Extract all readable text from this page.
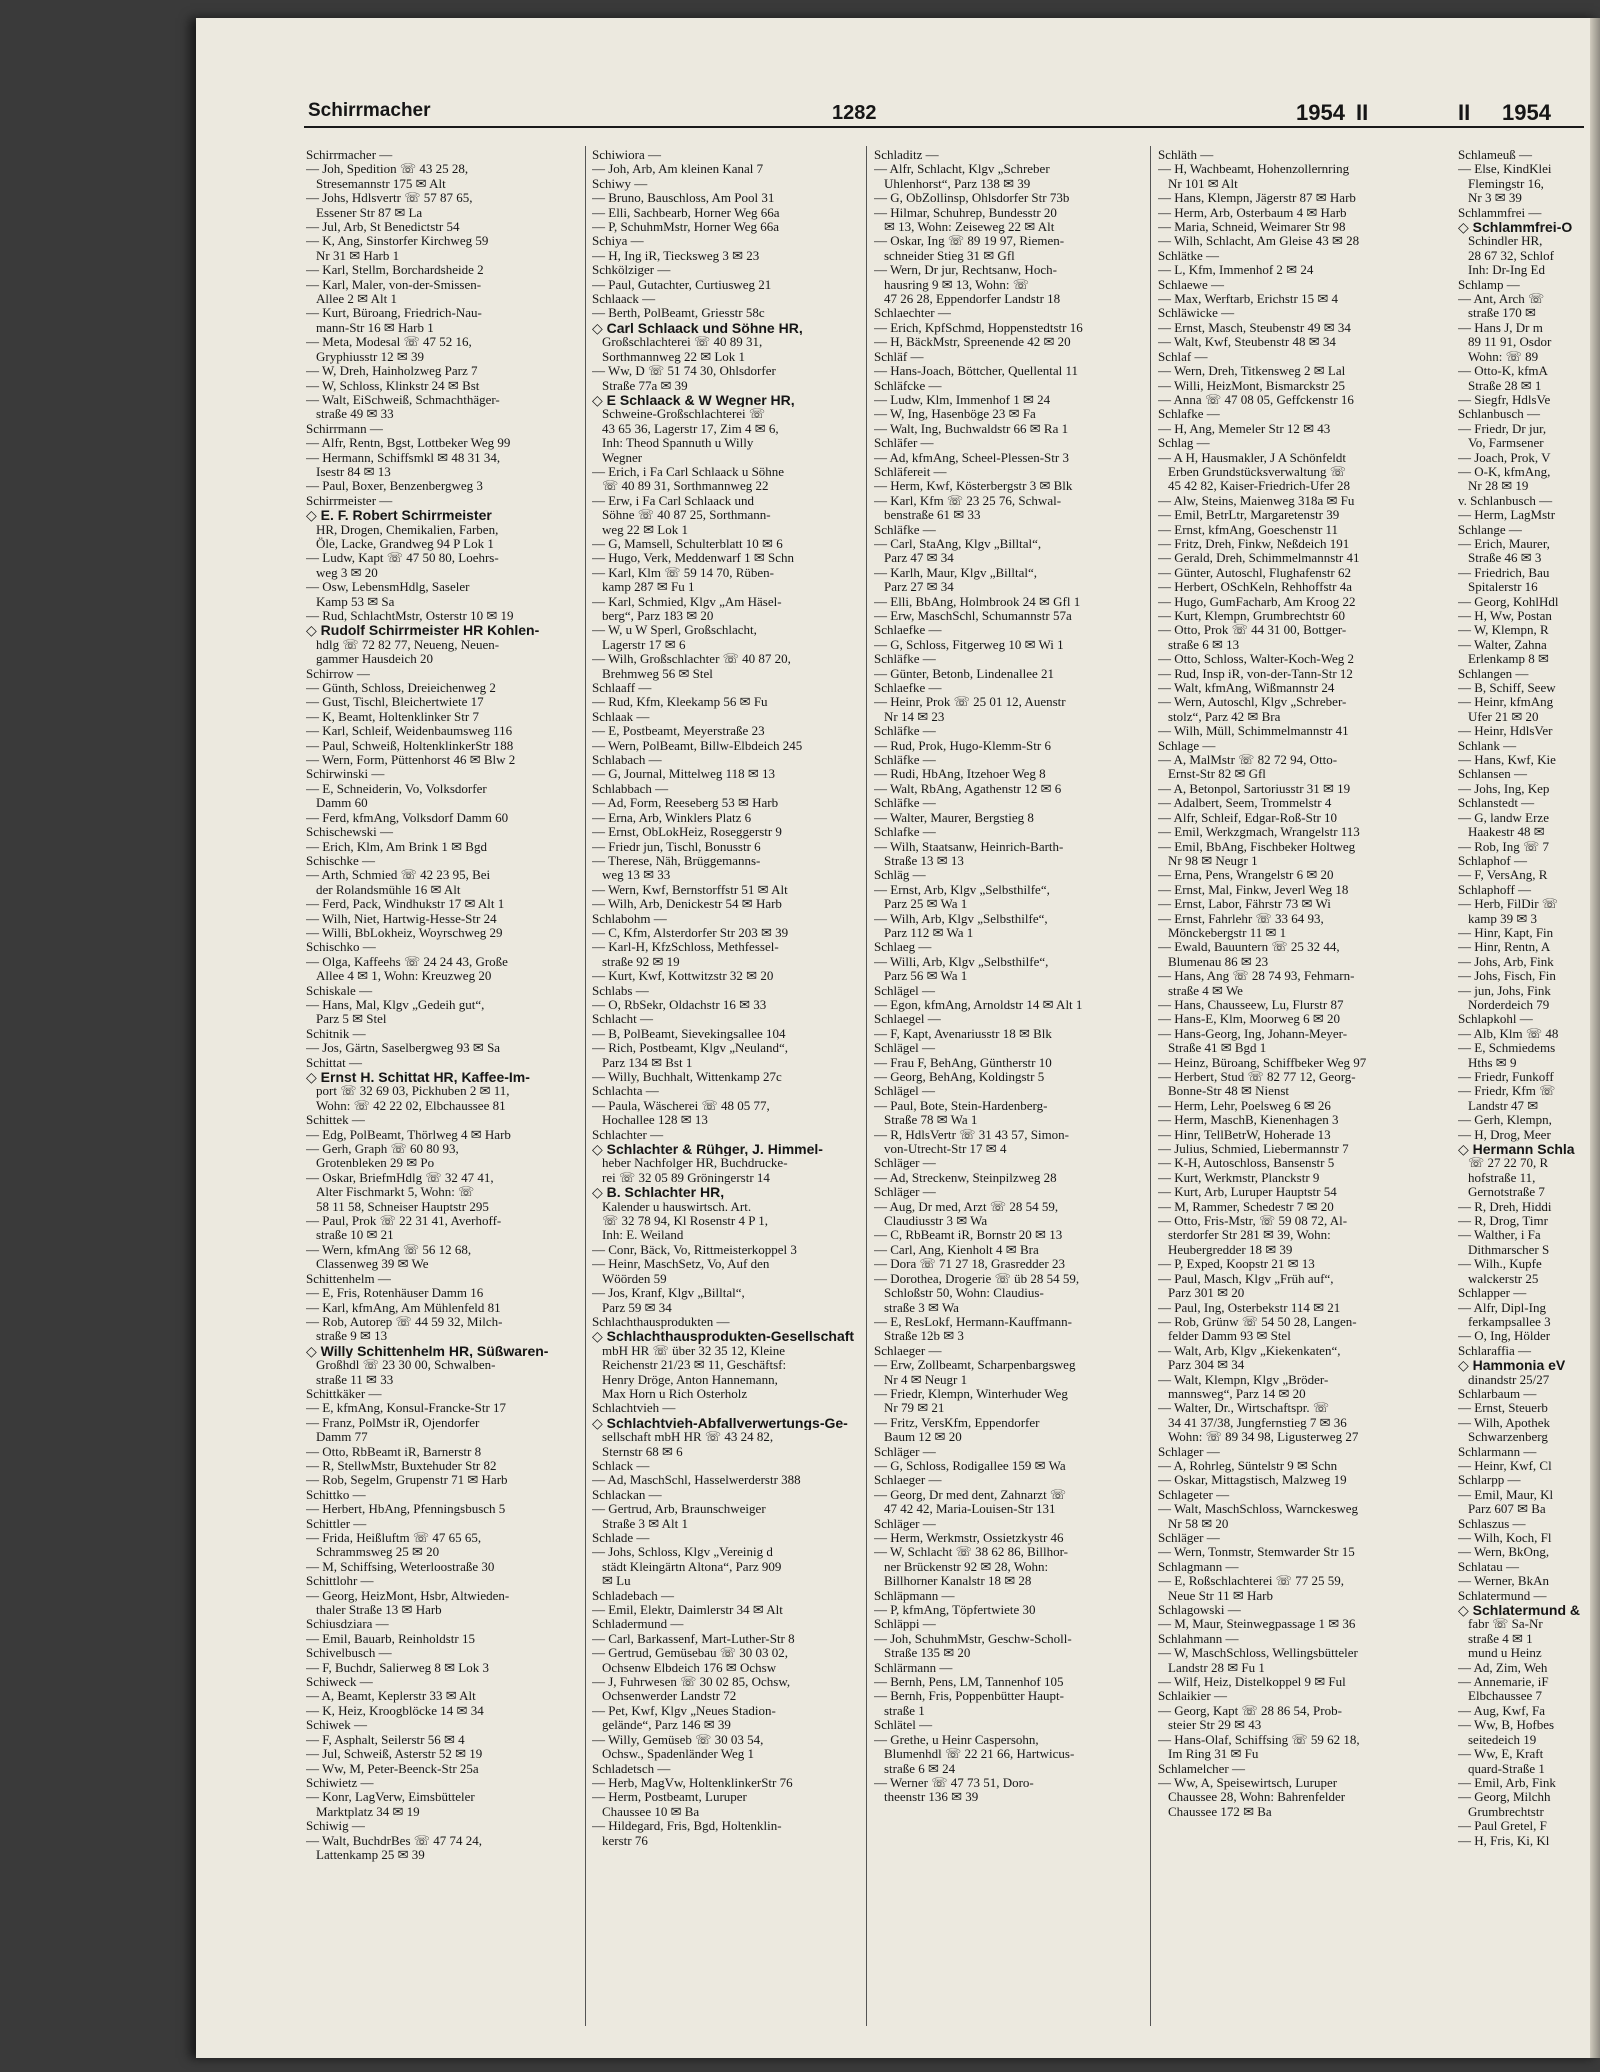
Schirrmacher	1282	1954 II	II 1954
Schirrmacher —
— Joh, Spedition ☏ 43 25 28,
Stresemannstr 175 ✉ Alt
— Johs, Hdlsvertr ☏ 57 87 65,
Essener Str 87 ✉ La
— Jul, Arb, St Benedictstr 54
— K, Ang, Sinstorfer Kirchweg 59
Nr 31 ✉ Harb 1
— Karl, Stellm, Borchardsheide 2
— Karl, Maler, von-der-Smissen-
Allee 2 ✉ Alt 1
— Kurt, Büroang, Friedrich-Nau-
mann-Str 16 ✉ Harb 1
— Meta, Modesal ☏ 47 52 16,
Gryphiusstr 12 ✉ 39
— W, Dreh, Hainholzweg Parz 7
— W, Schloss, Klinkstr 24 ✉ Bst
— Walt, EiSchweiß, Schmachthäger-
straße 49 ✉ 33
Schirrmann —
— Alfr, Rentn, Bgst, Lottbeker Weg 99
— Hermann, Schiffsmkl ✉ 48 31 34,
Isestr 84 ✉ 13
— Paul, Boxer, Benzenbergweg 3
Schirrmeister —
◇ E. F. Robert Schirrmeister
HR, Drogen, Chemikalien, Farben,
Öle, Lacke, Grandweg 94 P Lok 1
— Ludw, Kapt ☏ 47 50 80, Loehrs-
weg 3 ✉ 20
— Osw, LebensmHdlg, Saseler
Kamp 53 ✉ Sa
— Rud, SchlachtMstr, Osterstr 10 ✉ 19
◇ Rudolf Schirrmeister HR Kohlen-
hdlg ☏ 72 82 77, Neueng, Neuen-
gammer Hausdeich 20
Schirrow —
— Günth, Schloss, Dreieichenweg 2
— Gust, Tischl, Bleichertwiete 17
— K, Beamt, Holtenklinker Str 7
— Karl, Schleif, Weidenbaumsweg 116
— Paul, Schweiß, HoltenklinkerStr 188
— Wern, Form, Püttenhorst 46 ✉ Blw 2
Schirwinski —
— E, Schneiderin, Vo, Volksdorfer
Damm 60
— Ferd, kfmAng, Volksdorf Damm 60
Schischewski —
— Erich, Klm, Am Brink 1 ✉ Bgd
Schischke —
— Arth, Schmied ☏ 42 23 95, Bei
der Rolandsmühle 16 ✉ Alt
— Ferd, Pack, Windhukstr 17 ✉ Alt 1
— Wilh, Niet, Hartwig-Hesse-Str 24
— Willi, BbLokheiz, Woyrschweg 29
Schischko —
— Olga, Kaffeehs ☏ 24 24 43, Große
Allee 4 ✉ 1, Wohn: Kreuzweg 20
Schiskale —
— Hans, Mal, Klgv „Gedeih gut“,
Parz 5 ✉ Stel
Schitnik —
— Jos, Gärtn, Saselbergweg 93 ✉ Sa
Schittat —
◇ Ernst H. Schittat HR, Kaffee-Im-
port ☏ 32 69 03, Pickhuben 2 ✉ 11,
Wohn: ☏ 42 22 02, Elbchaussee 81
Schittek —
— Edg, PolBeamt, Thörlweg 4 ✉ Harb
— Gerh, Graph ☏ 60 80 93,
Grotenbleken 29 ✉ Po
— Oskar, BriefmHdlg ☏ 32 47 41,
Alter Fischmarkt 5, Wohn: ☏
58 11 58, Schneiser Hauptstr 295
— Paul, Prok ☏ 22 31 41, Averhoff-
straße 10 ✉ 21
— Wern, kfmAng ☏ 56 12 68,
Classenweg 39 ✉ We
Schittenhelm —
— E, Fris, Rotenhäuser Damm 16
— Karl, kfmAng, Am Mühlenfeld 81
— Rob, Autorep ☏ 44 59 32, Milch-
straße 9 ✉ 13
◇ Willy Schittenhelm HR, Süßwaren-
Großhdl ☏ 23 30 00, Schwalben-
straße 11 ✉ 33
Schittkäker —
— E, kfmAng, Konsul-Francke-Str 17
— Franz, PolMstr iR, Ojendorfer
Damm 77
— Otto, RbBeamt iR, Barnerstr 8
— R, StellwMstr, Buxtehuder Str 82
— Rob, Segelm, Grupenstr 71 ✉ Harb
Schittko —
— Herbert, HbAng, Pfenningsbusch 5
Schittler —
— Frida, Heißluftm ☏ 47 65 65,
Schrammsweg 25 ✉ 20
— M, Schiffsing, Weterloostraße 30
Schittlohr —
— Georg, HeizMont, Hsbr, Altwieden-
thaler Straße 13 ✉ Harb
Schiusdziara —
— Emil, Bauarb, Reinholdstr 15
Schivelbusch —
— F, Buchdr, Salierweg 8 ✉ Lok 3
Schiweck —
— A, Beamt, Keplerstr 33 ✉ Alt
— K, Heiz, Kroogblöcke 14 ✉ 34
Schiwek —
— F, Asphalt, Seilerstr 56 ✉ 4
— Jul, Schweiß, Asterstr 52 ✉ 19
— Ww, M, Peter-Beenck-Str 25a
Schiwietz —
— Konr, LagVerw, Eimsbütteler
Marktplatz 34 ✉ 19
Schiwig —
— Walt, BuchdrBes ☏ 47 74 24,
Lattenkamp 25 ✉ 39
Schiwiora —
— Joh, Arb, Am kleinen Kanal 7
Schiwy —
— Bruno, Bauschloss, Am Pool 31
— Elli, Sachbearb, Horner Weg 66a
— P, SchuhmMstr, Horner Weg 66a
Schiya —
— H, Ing iR, Tiecksweg 3 ✉ 23
Schkölziger —
— Paul, Gutachter, Curtiusweg 21
Schlaack —
— Berth, PolBeamt, Griesstr 58c
◇ Carl Schlaack und Söhne HR,
Großschlachterei ☏ 40 89 31,
Sorthmannweg 22 ✉ Lok 1
— Ww, D ☏ 51 74 30, Ohlsdorfer
Straße 77a ✉ 39
◇ E Schlaack & W Wegner HR,
Schweine-Großschlachterei ☏
43 65 36, Lagerstr 17, Zim 4 ✉ 6,
Inh: Theod Spannuth u Willy
Wegner
— Erich, i Fa Carl Schlaack u Söhne
☏ 40 89 31, Sorthmannweg 22
— Erw, i Fa Carl Schlaack und
Söhne ☏ 40 87 25, Sorthmann-
weg 22 ✉ Lok 1
— G, Mamsell, Schulterblatt 10 ✉ 6
— Hugo, Verk, Meddenwarf 1 ✉ Schn
— Karl, Klm ☏ 59 14 70, Rüben-
kamp 287 ✉ Fu 1
— Karl, Schmied, Klgv „Am Häsel-
berg“, Parz 183 ✉ 20
— W, u W Sperl, Großschlacht,
Lagerstr 17 ✉ 6
— Wilh, Großschlachter ☏ 40 87 20,
Brehmweg 56 ✉ Stel
Schlaaff —
— Rud, Kfm, Kleekamp 56 ✉ Fu
Schlaak —
— E, Postbeamt, Meyerstraße 23
— Wern, PolBeamt, Billw-Elbdeich 245
Schlabach —
— G, Journal, Mittelweg 118 ✉ 13
Schlabbach —
— Ad, Form, Reeseberg 53 ✉ Harb
— Erna, Arb, Winklers Platz 6
— Ernst, ObLokHeiz, Roseggerstr 9
— Friedr jun, Tischl, Bonusstr 6
— Therese, Näh, Brüggemanns-
weg 13 ✉ 33
— Wern, Kwf, Bernstorffstr 51 ✉ Alt
— Wilh, Arb, Denickestr 54 ✉ Harb
Schlabohm —
— C, Kfm, Alsterdorfer Str 203 ✉ 39
— Karl-H, KfzSchloss, Methfessel-
straße 92 ✉ 19
— Kurt, Kwf, Kottwitzstr 32 ✉ 20
Schlabs —
— O, RbSekr, Oldachstr 16 ✉ 33
Schlacht —
— B, PolBeamt, Sievekingsallee 104
— Rich, Postbeamt, Klgv „Neuland“,
Parz 134 ✉ Bst 1
— Willy, Buchhalt, Wittenkamp 27c
Schlachta —
— Paula, Wäscherei ☏ 48 05 77,
Hochallee 128 ✉ 13
Schlachter —
◇ Schlachter & Rühger, J. Himmel-
heber Nachfolger HR, Buchdrucke-
rei ☏ 32 05 89 Gröningerstr 14
◇ B. Schlachter HR,
Kalender u hauswirtsch. Art.
☏ 32 78 94, Kl Rosenstr 4 P 1,
Inh: E. Weiland
— Conr, Bäck, Vo, Rittmeisterkoppel 3
— Heinr, MaschSetz, Vo, Auf den
Wöörden 59
— Jos, Kranf, Klgv „Billtal“,
Parz 59 ✉ 34
Schlachthausprodukten —
◇ Schlachthausprodukten-Gesellschaft
mbH HR ☏ über 32 35 12, Kleine
Reichenstr 21/23 ✉ 11, Geschäftsf:
Henry Dröge, Anton Hannemann,
Max Horn u Rich Osterholz
Schlachtvieh —
◇ Schlachtvieh-Abfallverwertungs-Ge-
sellschaft mbH HR ☏ 43 24 82,
Sternstr 68 ✉ 6
Schlack —
— Ad, MaschSchl, Hasselwerderstr 388
Schlackan —
— Gertrud, Arb, Braunschweiger
Straße 3 ✉ Alt 1
Schlade —
— Johs, Schloss, Klgv „Vereinig d
städt Kleingärtn Altona“, Parz 909
✉ Lu
Schladebach —
— Emil, Elektr, Daimlerstr 34 ✉ Alt
Schladermund —
— Carl, Barkassenf, Mart-Luther-Str 8
— Gertrud, Gemüsebau ☏ 30 03 02,
Ochsenw Elbdeich 176 ✉ Ochsw
— J, Fuhrwesen ☏ 30 02 85, Ochsw,
Ochsenwerder Landstr 72
— Pet, Kwf, Klgv „Neues Stadion-
gelände“, Parz 146 ✉ 39
— Willy, Gemüseb ☏ 30 03 54,
Ochsw., Spadenländer Weg 1
Schladetsch —
— Herb, MagVw, HoltenklinkerStr 76
— Herm, Postbeamt, Luruper
Chaussee 10 ✉ Ba
— Hildegard, Fris, Bgd, Holtenklin-
kerstr 76
Schladitz —
— Alfr, Schlacht, Klgv „Schreber
Uhlenhorst“, Parz 138 ✉ 39
— G, ObZollinsp, Ohlsdorfer Str 73b
— Hilmar, Schuhrep, Bundesstr 20
✉ 13, Wohn: Zeiseweg 22 ✉ Alt
— Oskar, Ing ☏ 89 19 97, Riemen-
schneider Stieg 31 ✉ Gfl
— Wern, Dr jur, Rechtsanw, Hoch-
hausring 9 ✉ 13, Wohn: ☏
47 26 28, Eppendorfer Landstr 18
Schlaechter —
— Erich, KpfSchmd, Hoppenstedtstr 16
— H, BäckMstr, Spreenende 42 ✉ 20
Schläf —
— Hans-Joach, Böttcher, Quellental 11
Schläfcke —
— Ludw, Klm, Immenhof 1 ✉ 24
— W, Ing, Hasenböge 23 ✉ Fa
— Walt, Ing, Buchwaldstr 66 ✉ Ra 1
Schläfer —
— Ad, kfmAng, Scheel-Plessen-Str 3
Schläfereit —
— Herm, Kwf, Kösterbergstr 3 ✉ Blk
— Karl, Kfm ☏ 23 25 76, Schwal-
benstraße 61 ✉ 33
Schläfke —
— Carl, StaAng, Klgv „Billtal“,
Parz 47 ✉ 34
— Karlh, Maur, Klgv „Billtal“,
Parz 27 ✉ 34
— Elli, BbAng, Holmbrook 24 ✉ Gfl 1
— Erw, MaschSchl, Schumannstr 57a
Schlaefke —
— G, Schloss, Fitgerweg 10 ✉ Wi 1
Schläfke —
— Günter, Betonb, Lindenallee 21
Schlaefke —
— Heinr, Prok ☏ 25 01 12, Auenstr
Nr 14 ✉ 23
Schläfke —
— Rud, Prok, Hugo-Klemm-Str 6
Schläfke —
— Rudi, HbAng, Itzehoer Weg 8
— Walt, RbAng, Agathenstr 12 ✉ 6
Schläfke —
— Walter, Maurer, Bergstieg 8
Schlafke —
— Wilh, Staatsanw, Heinrich-Barth-
Straße 13 ✉ 13
Schläg —
— Ernst, Arb, Klgv „Selbsthilfe“,
Parz 25 ✉ Wa 1
— Wilh, Arb, Klgv „Selbsthilfe“,
Parz 112 ✉ Wa 1
Schlaeg —
— Willi, Arb, Klgv „Selbsthilfe“,
Parz 56 ✉ Wa 1
Schlägel —
— Egon, kfmAng, Arnoldstr 14 ✉ Alt 1
Schlaegel —
— F, Kapt, Avenariusstr 18 ✉ Blk
Schlägel —
— Frau F, BehAng, Güntherstr 10
— Georg, BehAng, Koldingstr 5
Schlägel —
— Paul, Bote, Stein-Hardenberg-
Straße 78 ✉ Wa 1
— R, HdlsVertr ☏ 31 43 57, Simon-
von-Utrecht-Str 17 ✉ 4
Schläger —
— Ad, Streckenw, Steinpilzweg 28
Schläger —
— Aug, Dr med, Arzt ☏ 28 54 59,
Claudiusstr 3 ✉ Wa
— C, RbBeamt iR, Bornstr 20 ✉ 13
— Carl, Ang, Kienholt 4 ✉ Bra
— Dora ☏ 71 27 18, Grasredder 23
— Dorothea, Drogerie ☏ üb 28 54 59,
Schloßstr 50, Wohn: Claudius-
straße 3 ✉ Wa
— E, ResLokf, Hermann-Kauffmann-
Straße 12b ✉ 3
Schlaeger —
— Erw, Zollbeamt, Scharpenbargsweg
Nr 4 ✉ Neugr 1
— Friedr, Klempn, Winterhuder Weg
Nr 79 ✉ 21
— Fritz, VersKfm, Eppendorfer
Baum 12 ✉ 20
Schläger —
— G, Schloss, Rodigallee 159 ✉ Wa
Schlaeger —
— Georg, Dr med dent, Zahnarzt ☏
47 42 42, Maria-Louisen-Str 131
Schläger —
— Herm, Werkmstr, Ossietzkystr 46
— W, Schlacht ☏ 38 62 86, Billhor-
ner Brückenstr 92 ✉ 28, Wohn:
Billhorner Kanalstr 18 ✉ 28
Schläpmann —
— P, kfmAng, Töpfertwiete 30
Schläppi —
— Joh, SchuhmMstr, Geschw-Scholl-
Straße 135 ✉ 20
Schlärmann —
— Bernh, Pens, LM, Tannenhof 105
— Bernh, Fris, Poppenbütter Haupt-
straße 1
Schlätel —
— Grethe, u Heinr Caspersohn,
Blumenhdl ☏ 22 21 66, Hartwicus-
straße 6 ✉ 24
— Werner ☏ 47 73 51, Doro-
theenstr 136 ✉ 39
Schläth —
— H, Wachbeamt, Hohenzollernring
Nr 101 ✉ Alt
— Hans, Klempn, Jägerstr 87 ✉ Harb
— Herm, Arb, Osterbaum 4 ✉ Harb
— Maria, Schneid, Weimarer Str 98
— Wilh, Schlacht, Am Gleise 43 ✉ 28
Schlätke —
— L, Kfm, Immenhof 2 ✉ 24
Schlaewe —
— Max, Werftarb, Erichstr 15 ✉ 4
Schläwicke —
— Ernst, Masch, Steubenstr 49 ✉ 34
— Walt, Kwf, Steubenstr 48 ✉ 34
Schlaf —
— Wern, Dreh, Titkensweg 2 ✉ Lal
— Willi, HeizMont, Bismarckstr 25
— Anna ☏ 47 08 05, Geffckenstr 16
Schlafke —
— H, Ang, Memeler Str 12 ✉ 43
Schlag —
— A H, Hausmakler, J A Schönfeldt
Erben Grundstücksverwaltung ☏
45 42 82, Kaiser-Friedrich-Ufer 28
— Alw, Steins, Maienweg 318a ✉ Fu
— Emil, BetrLtr, Margaretenstr 39
— Ernst, kfmAng, Goeschenstr 11
— Fritz, Dreh, Finkw, Neßdeich 191
— Gerald, Dreh, Schimmelmannstr 41
— Günter, Autoschl, Flughafenstr 62
— Herbert, OSchKeln, Rehhoffstr 4a
— Hugo, GumFacharb, Am Kroog 22
— Kurt, Klempn, Grumbrechtstr 60
— Otto, Prok ☏ 44 31 00, Bottger-
straße 6 ✉ 13
— Otto, Schloss, Walter-Koch-Weg 2
— Rud, Insp iR, von-der-Tann-Str 12
— Walt, kfmAng, Wißmannstr 24
— Wern, Autoschl, Klgv „Schreber-
stolz“, Parz 42 ✉ Bra
— Wilh, Müll, Schimmelmannstr 41
Schlage —
— A, MalMstr ☏ 82 72 94, Otto-
Ernst-Str 82 ✉ Gfl
— A, Betonpol, Sartoriusstr 31 ✉ 19
— Adalbert, Seem, Trommelstr 4
— Alfr, Schleif, Edgar-Roß-Str 10
— Emil, Werkzgmach, Wrangelstr 113
— Emil, BbAng, Fischbeker Holtweg
Nr 98 ✉ Neugr 1
— Erna, Pens, Wrangelstr 6 ✉ 20
— Ernst, Mal, Finkw, Jeverl Weg 18
— Ernst, Labor, Fährstr 73 ✉ Wi
— Ernst, Fahrlehr ☏ 33 64 93,
Mönckebergstr 11 ✉ 1
— Ewald, Bauuntern ☏ 25 32 44,
Blumenau 86 ✉ 23
— Hans, Ang ☏ 28 74 93, Fehmarn-
straße 4 ✉ We
— Hans, Chausseew, Lu, Flurstr 87
— Hans-E, Klm, Moorweg 6 ✉ 20
— Hans-Georg, Ing, Johann-Meyer-
Straße 41 ✉ Bgd 1
— Heinz, Büroang, Schiffbeker Weg 97
— Herbert, Stud ☏ 82 77 12, Georg-
Bonne-Str 48 ✉ Nienst
— Herm, Lehr, Poelsweg 6 ✉ 26
— Herm, MaschB, Kienenhagen 3
— Hinr, TellBetrW, Hoherade 13
— Julius, Schmied, Liebermannstr 7
— K-H, Autoschloss, Bansenstr 5
— Kurt, Werkmstr, Planckstr 9
— Kurt, Arb, Luruper Hauptstr 54
— M, Rammer, Schedestr 7 ✉ 20
— Otto, Fris-Mstr, ☏ 59 08 72, Al-
sterdorfer Str 281 ✉ 39, Wohn:
Heubergredder 18 ✉ 39
— P, Exped, Koopstr 21 ✉ 13
— Paul, Masch, Klgv „Früh auf“,
Parz 301 ✉ 20
— Paul, Ing, Osterbekstr 114 ✉ 21
— Rob, Grünw ☏ 54 50 28, Langen-
felder Damm 93 ✉ Stel
— Walt, Arb, Klgv „Kiekenkaten“,
Parz 304 ✉ 34
— Walt, Klempn, Klgv „Bröder-
mannsweg“, Parz 14 ✉ 20
— Walter, Dr., Wirtschaftspr. ☏
34 41 37/38, Jungfernstieg 7 ✉ 36
Wohn: ☏ 89 34 98, Ligusterweg 27
Schlager —
— A, Rohrleg, Süntelstr 9 ✉ Schn
— Oskar, Mittagstisch, Malzweg 19
Schlageter —
— Walt, MaschSchloss, Warnckesweg
Nr 58 ✉ 20
Schläger —
— Wern, Tonmstr, Stemwarder Str 15
Schlagmann —
— E, Roßschlachterei ☏ 77 25 59,
Neue Str 11 ✉ Harb
Schlagowski —
— M, Maur, Steinwegpassage 1 ✉ 36
Schlahmann —
— W, MaschSchloss, Wellingsbütteler
Landstr 28 ✉ Fu 1
— Wilf, Heiz, Distelkoppel 9 ✉ Ful
Schlaikier —
— Georg, Kapt ☏ 28 86 54, Prob-
steier Str 29 ✉ 43
— Hans-Olaf, Schiffsing ☏ 59 62 18,
Im Ring 31 ✉ Fu
Schlamelcher —
— Ww, A, Speisewirtsch, Luruper
Chaussee 28, Wohn: Bahrenfelder
Chaussee 172 ✉ Ba
Schlameuß —
— Else, KindKlei
Flemingstr 16,
Nr 3 ✉ 39
Schlammfrei —
◇ Schlammfrei-O
Schindler HR,
28 67 32, Schlof
Inh: Dr-Ing Ed
Schlamp —
— Ant, Arch ☏
straße 170 ✉
— Hans J, Dr m
89 11 91, Osdor
Wohn: ☏ 89
— Otto-K, kfmA
Straße 28 ✉ 1
— Siegfr, HdlsVe
Schlanbusch —
— Friedr, Dr jur,
Vo, Farmsener
— Joach, Prok, V
— O-K, kfmAng,
Nr 28 ✉ 19
v. Schlanbusch —
— Herm, LagMstr
Schlange —
— Erich, Maurer,
Straße 46 ✉ 3
— Friedrich, Bau
Spitalerstr 16
— Georg, KohlHdl
— H, Ww, Postan
— W, Klempn, R
— Walter, Zahna
Erlenkamp 8 ✉
Schlangen —
— B, Schiff, Seew
— Heinr, kfmAng
Ufer 21 ✉ 20
— Heinr, HdlsVer
Schlank —
— Hans, Kwf, Kie
Schlansen —
— Johs, Ing, Kep
Schlanstedt —
— G, landw Erze
Haakestr 48 ✉
— Rob, Ing ☏ 7
Schlaphof —
— F, VersAng, R
Schlaphoff —
— Herb, FilDir ☏
kamp 39 ✉ 3
— Hinr, Kapt, Fin
— Hinr, Rentn, A
— Johs, Arb, Fink
— Johs, Fisch, Fin
— jun, Johs, Fink
Norderdeich 79
Schlapkohl —
— Alb, Klm ☏ 48
— E, Schmiedems
Hths ✉ 9
— Friedr, Funkoff
— Friedr, Kfm ☏
Landstr 47 ✉
— Gerh, Klempn,
— H, Drog, Meer
◇ Hermann Schla
☏ 27 22 70, R
hofstraße 11,
Gernotstraße 7
— R, Dreh, Hiddi
— R, Drog, Timr
— Walther, i Fa
Dithmarscher S
— Wilh., Kupfe
walckerstr 25
Schlapper —
— Alfr, Dipl-Ing
ferkampsallee 3
— O, Ing, Hölder
Schlaraffia —
◇ Hammonia eV
dinandstr 25/27
Schlarbaum —
— Ernst, Steuerb
— Wilh, Apothek
Schwarzenberg
Schlarmann —
— Heinr, Kwf, Cl
Schlarpp —
— Emil, Maur, Kl
Parz 607 ✉ Ba
Schlaszus —
— Wilh, Koch, Fl
— Wern, BkOng,
Schlatau —
— Werner, BkAn
Schlatermund —
◇ Schlatermund &
fabr ☏ Sa-Nr
straße 4 ✉ 1
mund u Heinz
— Ad, Zim, Weh
— Annemarie, iF
Elbchaussee 7
— Aug, Kwf, Fa
— Ww, B, Hofbes
seitedeich 19
— Ww, E, Kraft
quard-Straße 1
— Emil, Arb, Fink
— Georg, Milchh
Grumbrechtstr
— Paul Gretel, F
— H, Fris, Ki, Kl
